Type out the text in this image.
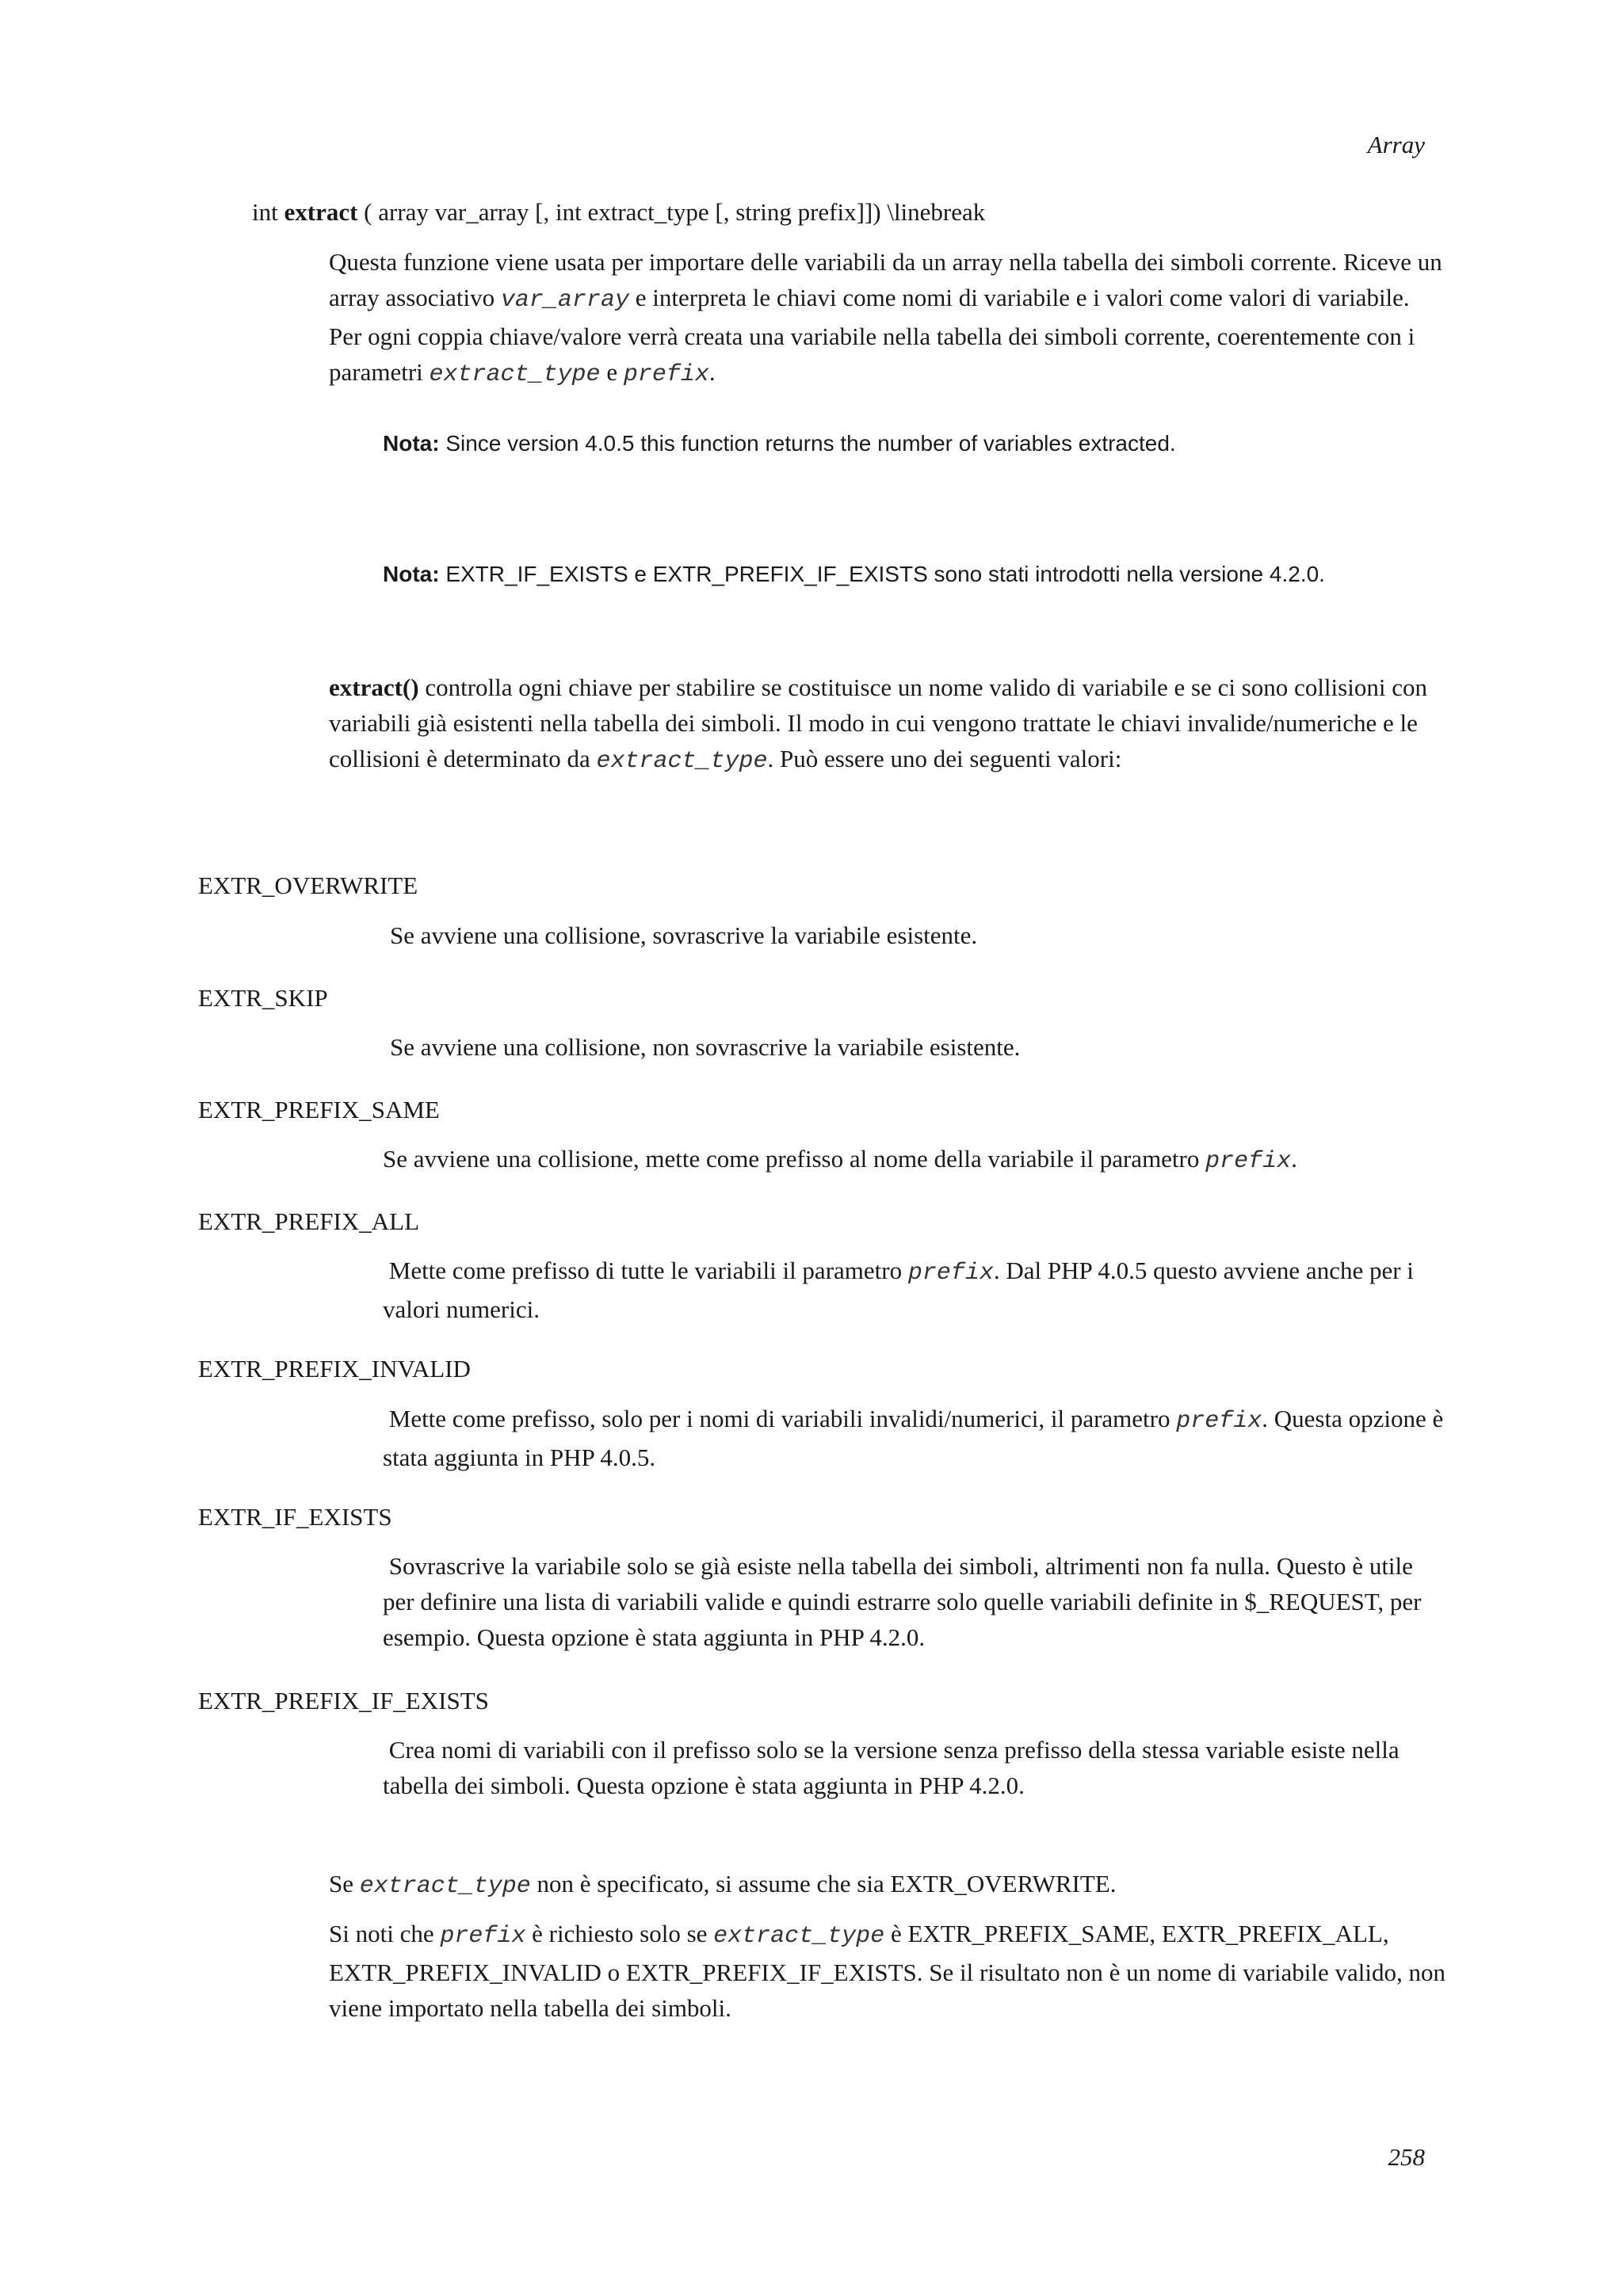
Array
int extract ( array var_array [, int extract_type [, string prefix]]) \linebreak
Questa funzione viene usata per importare delle variabili da un array nella tabella dei simboli corrente. Riceve un array associativo var_array e interpreta le chiavi come nomi di variabile e i valori come valori di variabile. Per ogni coppia chiave/valore verrà creata una variabile nella tabella dei simboli corrente, coerentemente con i parametri extract_type e prefix.
Nota: Since version 4.0.5 this function returns the number of variables extracted.
Nota: EXTR_IF_EXISTS e EXTR_PREFIX_IF_EXISTS sono stati introdotti nella versione 4.2.0.
extract() controlla ogni chiave per stabilire se costituisce un nome valido di variabile e se ci sono collisioni con variabili già esistenti nella tabella dei simboli. Il modo in cui vengono trattate le chiavi invalide/numeriche e le collisioni è determinato da extract_type. Può essere uno dei seguenti valori:
EXTR_OVERWRITE
Se avviene una collisione, sovrascrive la variabile esistente.
EXTR_SKIP
Se avviene una collisione, non sovrascrive la variabile esistente.
EXTR_PREFIX_SAME
Se avviene una collisione, mette come prefisso al nome della variabile il parametro prefix.
EXTR_PREFIX_ALL
Mette come prefisso di tutte le variabili il parametro prefix. Dal PHP 4.0.5 questo avviene anche per i valori numerici.
EXTR_PREFIX_INVALID
Mette come prefisso, solo per i nomi di variabili invalidi/numerici, il parametro prefix. Questa opzione è stata aggiunta in PHP 4.0.5.
EXTR_IF_EXISTS
Sovrascrive la variabile solo se già esiste nella tabella dei simboli, altrimenti non fa nulla. Questo è utile per definire una lista di variabili valide e quindi estrarre solo quelle variabili definite in $_REQUEST, per esempio. Questa opzione è stata aggiunta in PHP 4.2.0.
EXTR_PREFIX_IF_EXISTS
Crea nomi di variabili con il prefisso solo se la versione senza prefisso della stessa variable esiste nella tabella dei simboli. Questa opzione è stata aggiunta in PHP 4.2.0.
Se extract_type non è specificato, si assume che sia EXTR_OVERWRITE.
Si noti che prefix è richiesto solo se extract_type è EXTR_PREFIX_SAME, EXTR_PREFIX_ALL, EXTR_PREFIX_INVALID o EXTR_PREFIX_IF_EXISTS. Se il risultato non è un nome di variabile valido, non viene importato nella tabella dei simboli.
258
